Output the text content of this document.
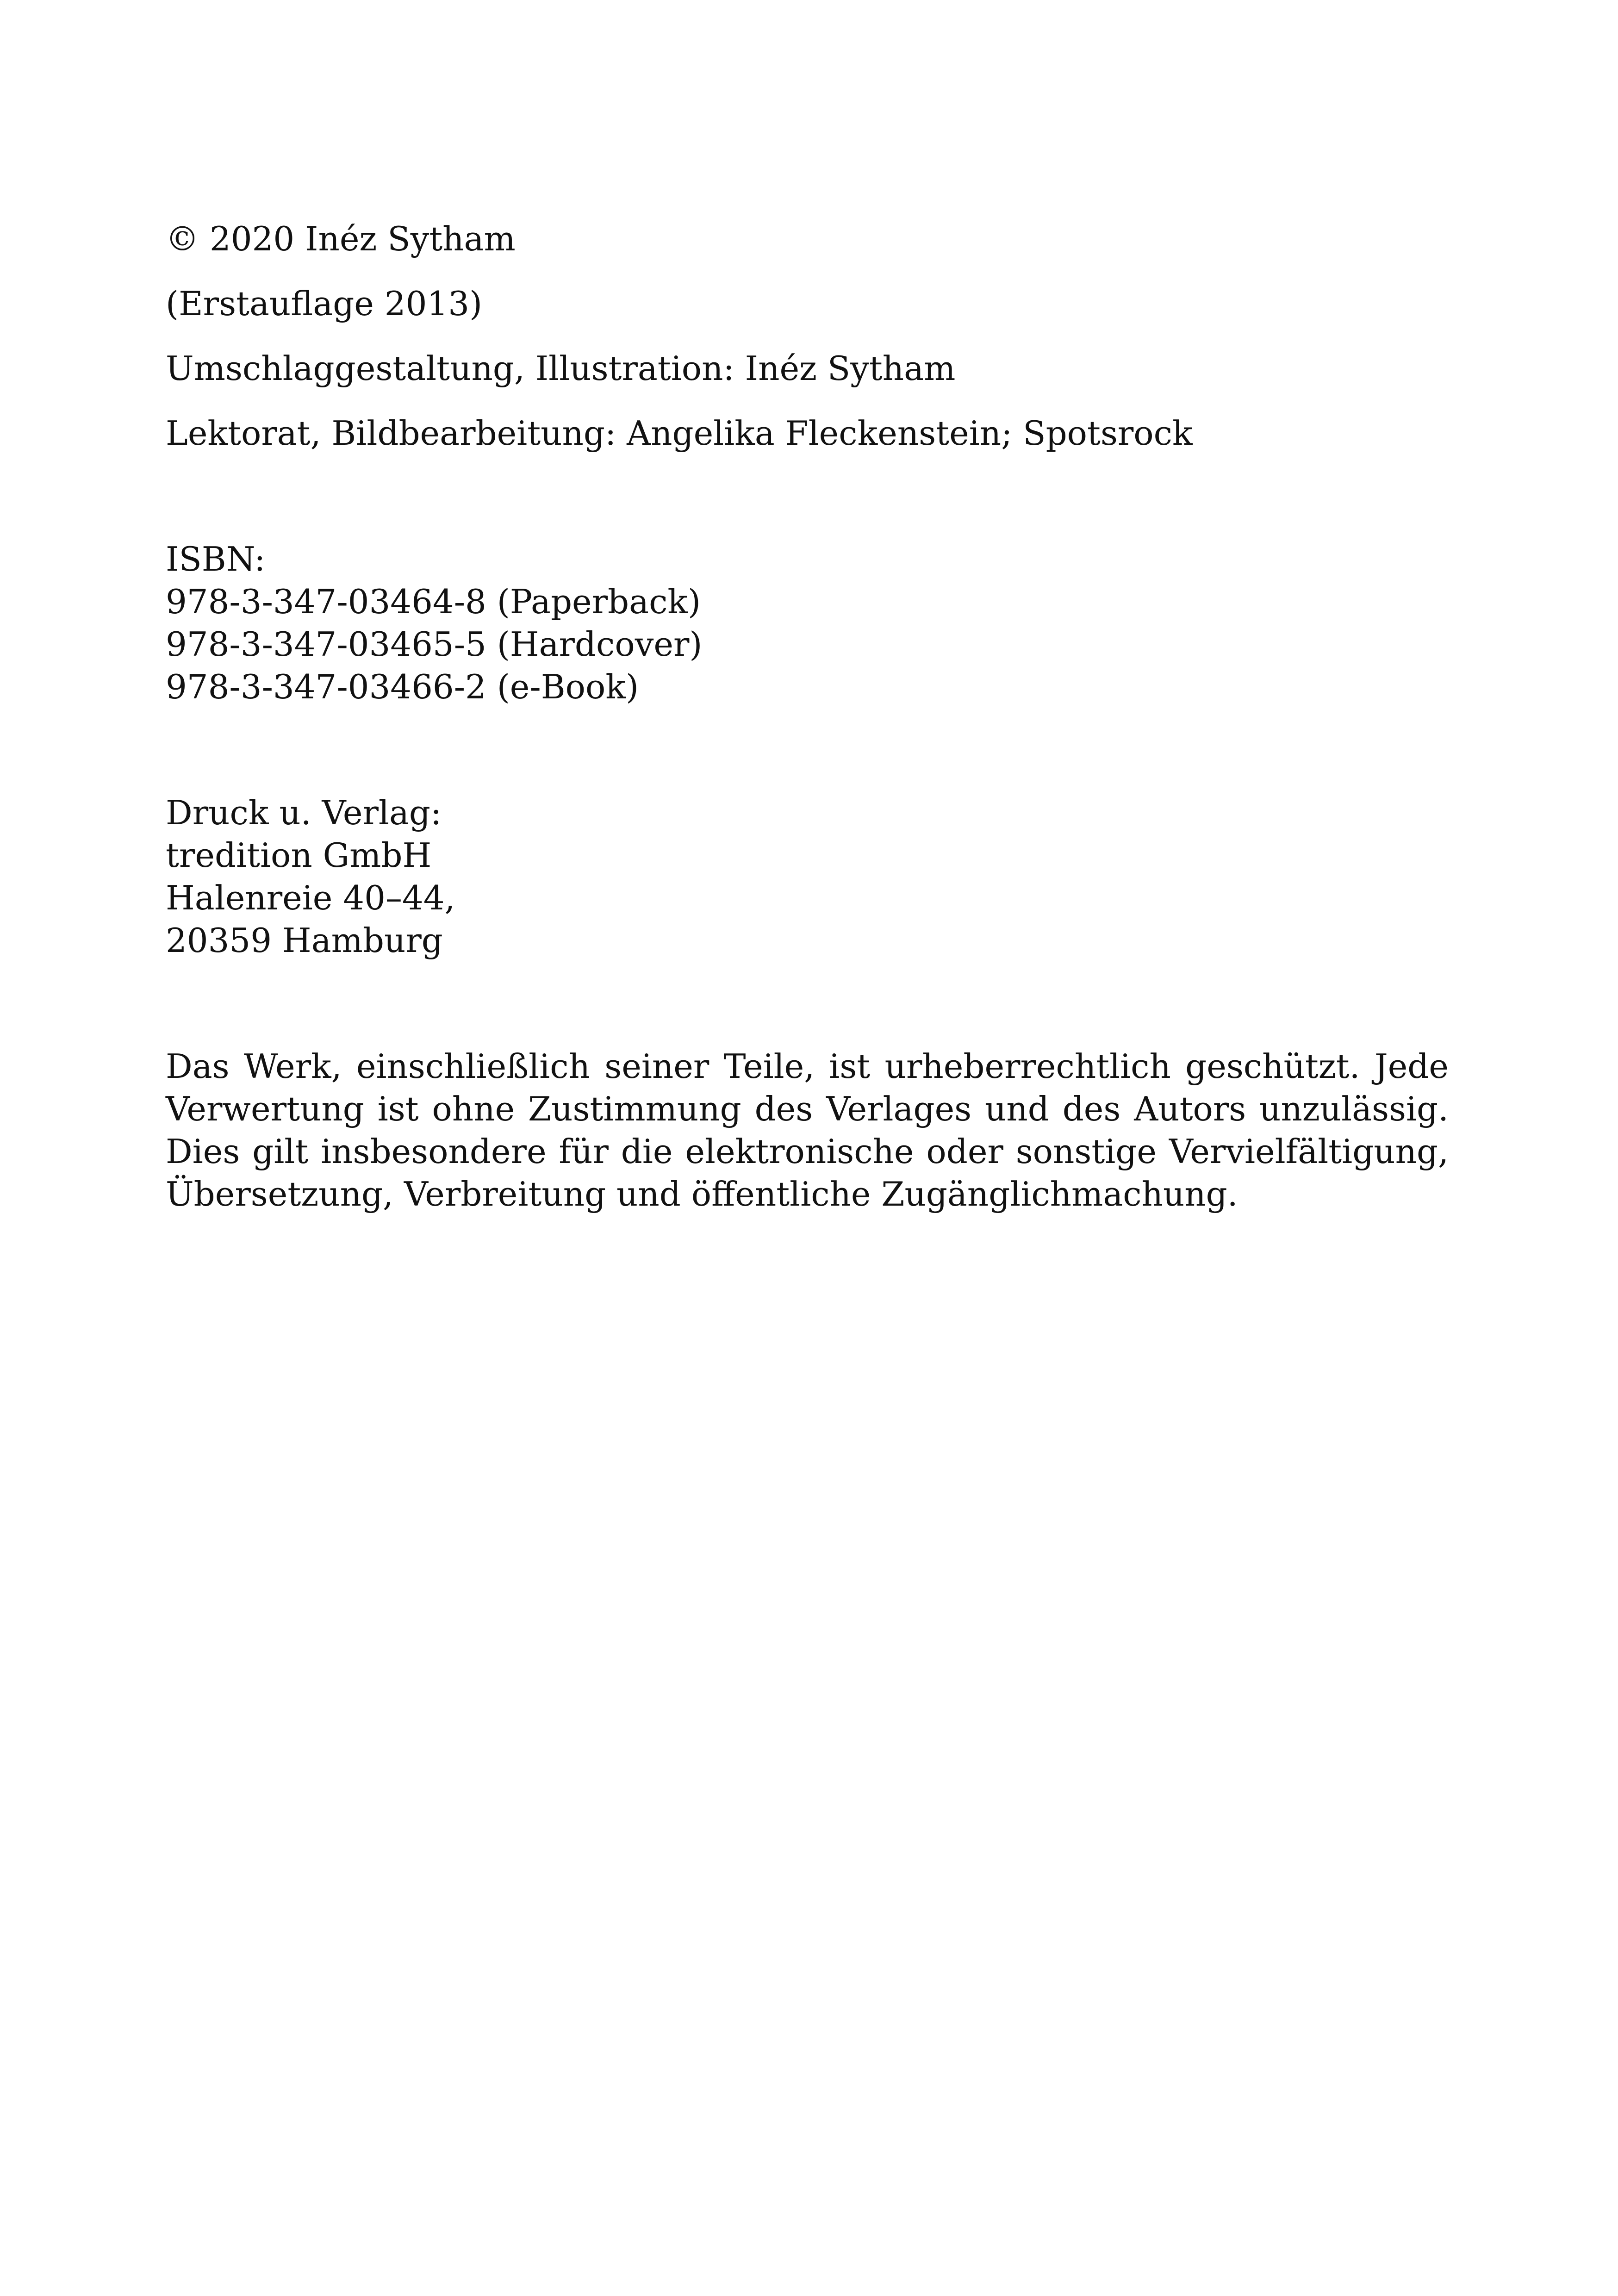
© 2020 Inéz Sytham
(Erstauflage 2013)
Umschlaggestaltung, Illustration: Inéz Sytham
Lektorat, Bildbearbeitung: Angelika Fleckenstein; Spotsrock
ISBN:
978-3-347-03464-8 (Paperback)
978-3-347-03465-5 (Hardcover)
978-3-347-03466-2 (e-Book)
Druck u. Verlag:
tredition GmbH
Halenreie 40–44,
20359 Hamburg

Das Werk, einschließlich seiner Teile, ist urheberrechtlich geschützt. Jede Verwertung ist ohne Zustimmung des Verlages und des Autors unzulässig. Dies gilt insbesondere für die elektronische oder sonstige Vervielfältigung, Übersetzung, Verbreitung und öffentliche Zugänglichmachung.
